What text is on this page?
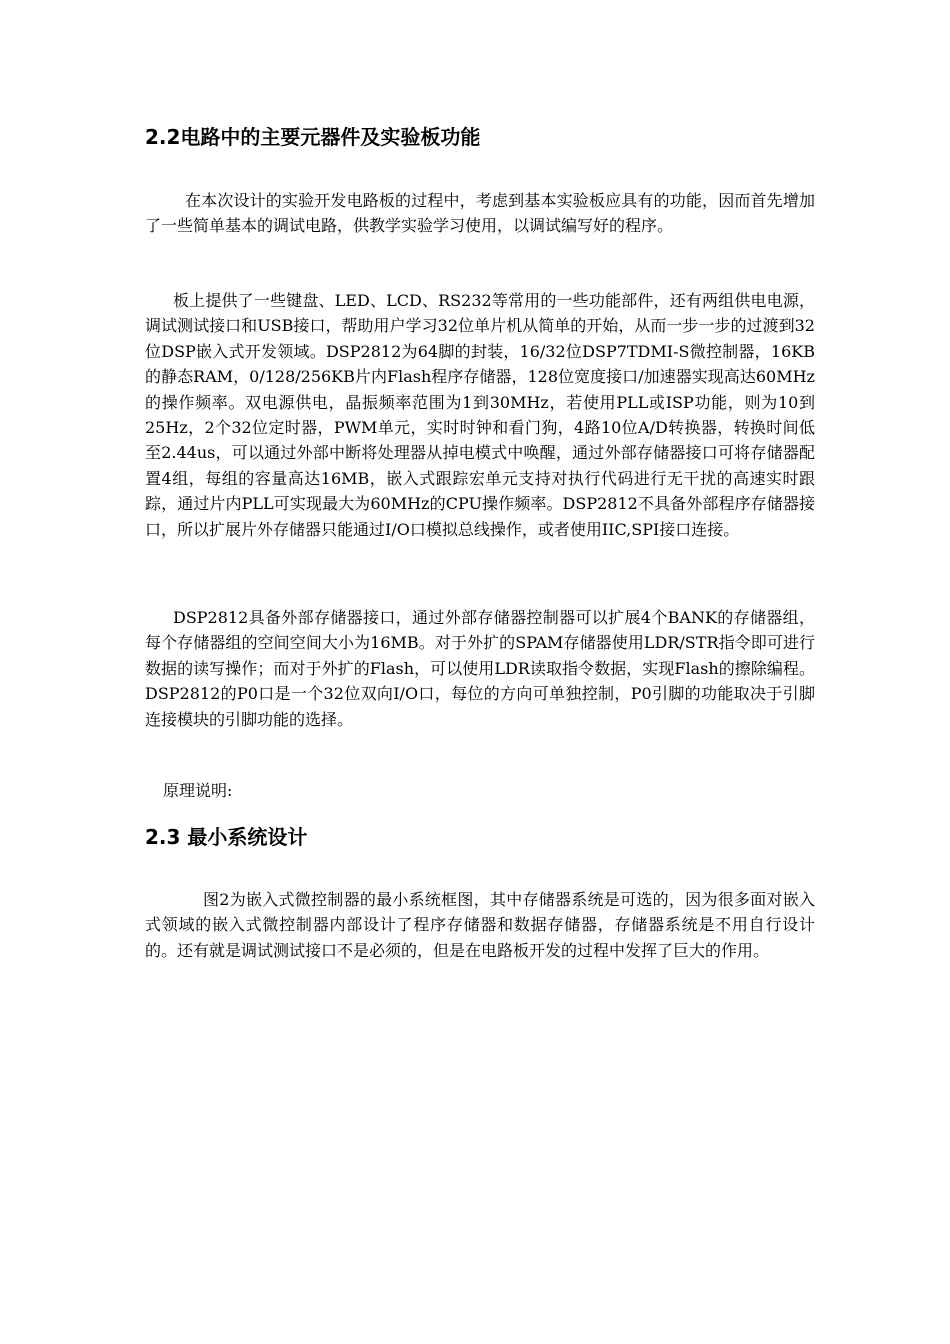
2.2电路中的主要元器件及实验板功能

在本次设计的实验开发电路板的过程中，考虑到基本实验板应具有的功能，因而首先增加了一些简单基本的调试电路，供教学实验学习使用，以调试编写好的程序。

板上提供了一些键盘、LED、LCD、RS232等常用的一些功能部件，还有两组供电电源，调试测试接口和USB接口，帮助用户学习32位单片机从简单的开始，从而一步一步的过渡到32位DSP嵌入式开发领域。DSP2812为64脚的封装，16/32位DSP7TDMI-S微控制器，16KB的静态RAM，0/128/256KB片内Flash程序存储器，128位宽度接口/加速器实现高达60MHz的操作频率。双电源供电，晶振频率范围为1到30MHz，若使用PLL或ISP功能，则为10到25Hz，2个32位定时器，PWM单元，实时时钟和看门狗，4路10位A/D转换器，转换时间低至2.44us，可以通过外部中断将处理器从掉电模式中唤醒，通过外部存储器接口可将存储器配置4组，每组的容量高达16MB，嵌入式跟踪宏单元支持对执行代码进行无干扰的高速实时跟踪，通过片内PLL可实现最大为60MHz的CPU操作频率。DSP2812不具备外部程序存储器接口，所以扩展片外存储器只能通过I/O口模拟总线操作，或者使用IIC,SPI接口连接。

DSP2812具备外部存储器接口，通过外部存储器控制器可以扩展4个BANK的存储器组，每个存储器组的空间空间大小为16MB。对于外扩的SPAM存储器使用LDR/STR指令即可进行数据的读写操作；而对于外扩的Flash，可以使用LDR读取指令数据，实现Flash的擦除编程。DSP2812的P0口是一个32位双向I/O口，每位的方向可单独控制，P0引脚的功能取决于引脚连接模块的引脚功能的选择。

原理说明:

2.3 最小系统设计

图2为嵌入式微控制器的最小系统框图，其中存储器系统是可选的，因为很多面对嵌入式领域的嵌入式微控制器内部设计了程序存储器和数据存储器，存储器系统是不用自行设计的。还有就是调试测试接口不是必须的，但是在电路板开发的过程中发挥了巨大的作用。
